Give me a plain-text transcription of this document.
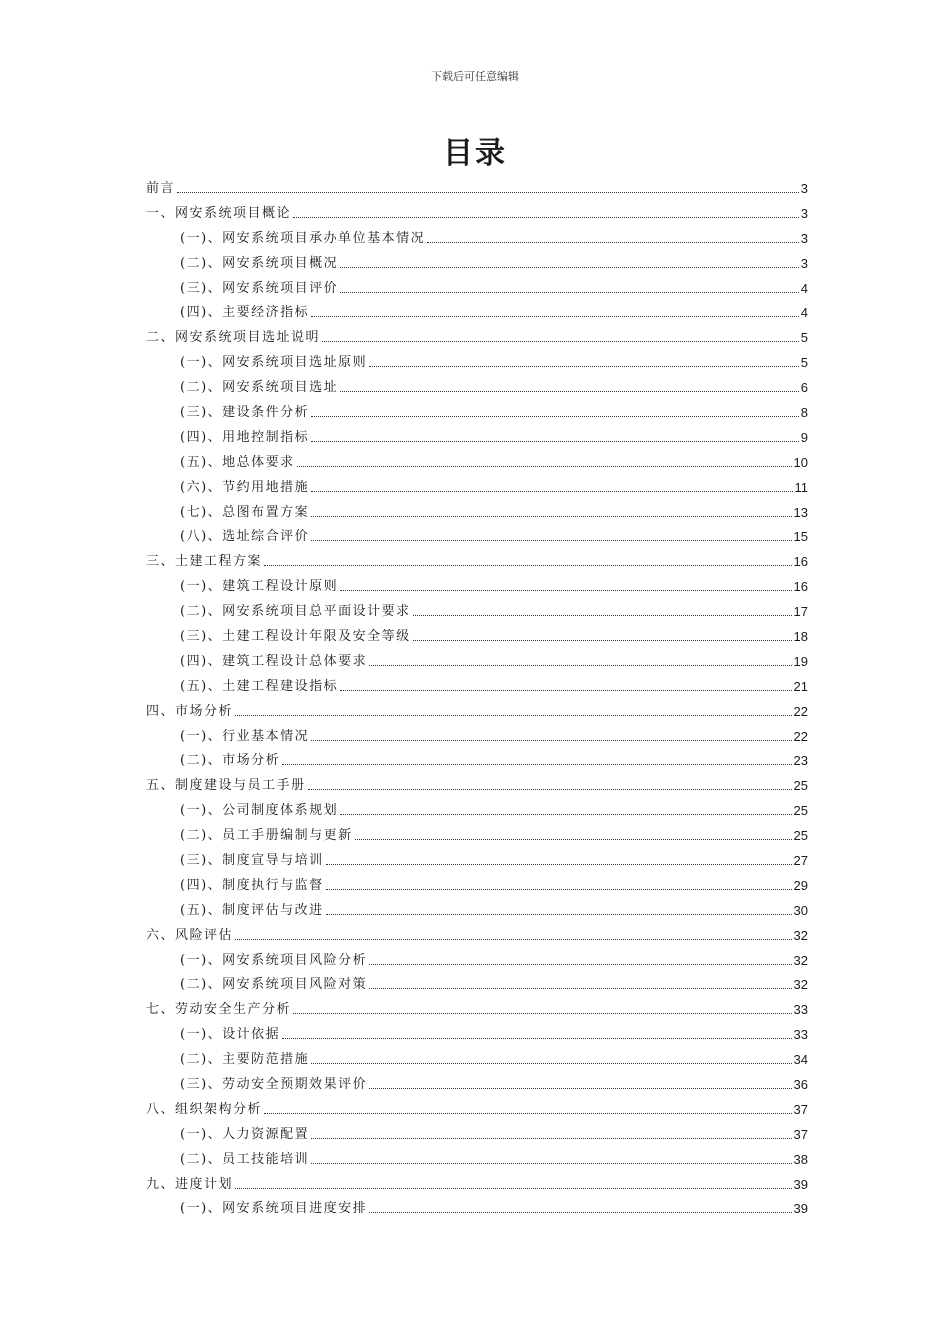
下载后可任意编辑
目录
前言	3
一、网安系统项目概论	3
(一)、网安系统项目承办单位基本情况	3
(二)、网安系统项目概况	3
(三)、网安系统项目评价	4
(四)、主要经济指标	4
二、网安系统项目选址说明	5
(一)、网安系统项目选址原则	5
(二)、网安系统项目选址	6
(三)、建设条件分析	8
(四)、用地控制指标	9
(五)、地总体要求	10
(六)、节约用地措施	11
(七)、总图布置方案	13
(八)、选址综合评价	15
三、土建工程方案	16
(一)、建筑工程设计原则	16
(二)、网安系统项目总平面设计要求	17
(三)、土建工程设计年限及安全等级	18
(四)、建筑工程设计总体要求	19
(五)、土建工程建设指标	21
四、市场分析	22
(一)、行业基本情况	22
(二)、市场分析	23
五、制度建设与员工手册	25
(一)、公司制度体系规划	25
(二)、员工手册编制与更新	25
(三)、制度宣导与培训	27
(四)、制度执行与监督	29
(五)、制度评估与改进	30
六、风险评估	32
(一)、网安系统项目风险分析	32
(二)、网安系统项目风险对策	32
七、劳动安全生产分析	33
(一)、设计依据	33
(二)、主要防范措施	34
(三)、劳动安全预期效果评价	36
八、组织架构分析	37
(一)、人力资源配置	37
(二)、员工技能培训	38
九、进度计划	39
(一)、网安系统项目进度安排	39
